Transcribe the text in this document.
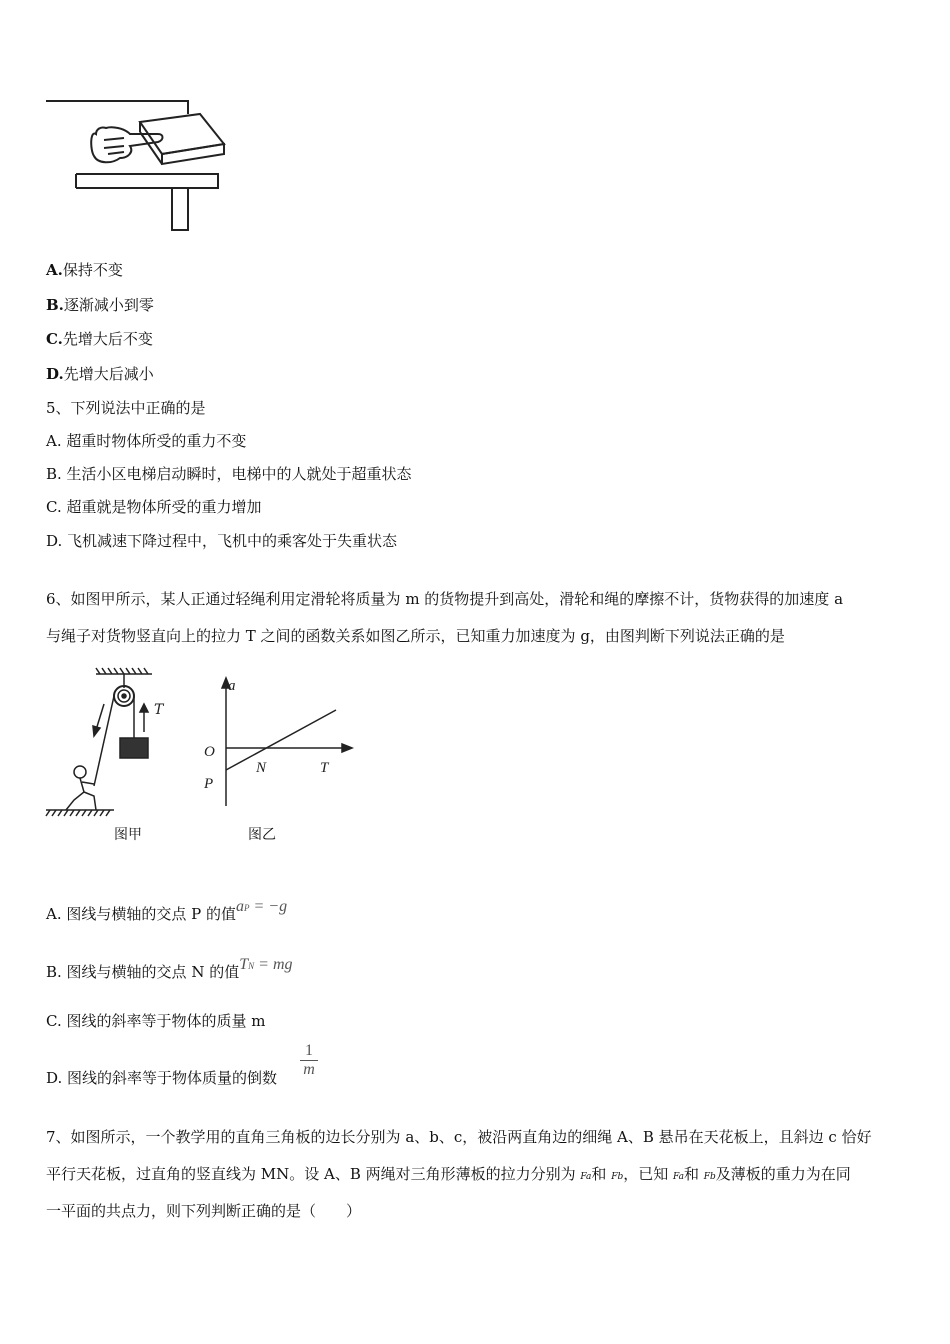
A.保持不变
B.逐渐减小到零
C.先增大后不变
D.先增大后减小
5、下列说法中正确的是
A. 超重时物体所受的重力不变
B. 生活小区电梯启动瞬时，电梯中的人就处于超重状态
C. 超重就是物体所受的重力增加
D. 飞机减速下降过程中，飞机中的乘客处于失重状态
6、如图甲所示，某人正通过轻绳利用定滑轮将质量为 m 的货物提升到高处，滑轮和绳的摩擦不计，货物获得的加速度 a
与绳子对货物竖直向上的拉力 T 之间的函数关系如图乙所示，已知重力加速度为 g，由图判断下列说法正确的是
T
图甲
a
O
P
N	T
图乙
A. 图线与横轴的交点 P 的值aP = −g
B. 图线与横轴的交点 N 的值TN = mg
C. 图线的斜率等于物体的质量 m
D. 图线的斜率等于物体质量的倒数
1
m
7、如图所示，一个教学用的直角三角板的边长分别为 a、b、c，被沿两直角边的细绳 A、B 悬吊在天花板上，且斜边 c 恰好
平行天花板，过直角的竖直线为 MN。设 A、B 两绳对三角形薄板的拉力分别为 Fa和 Fb，已知 Fa和 Fb及薄板的重力为在同
一平面的共点力，则下列判断正确的是（　　）
